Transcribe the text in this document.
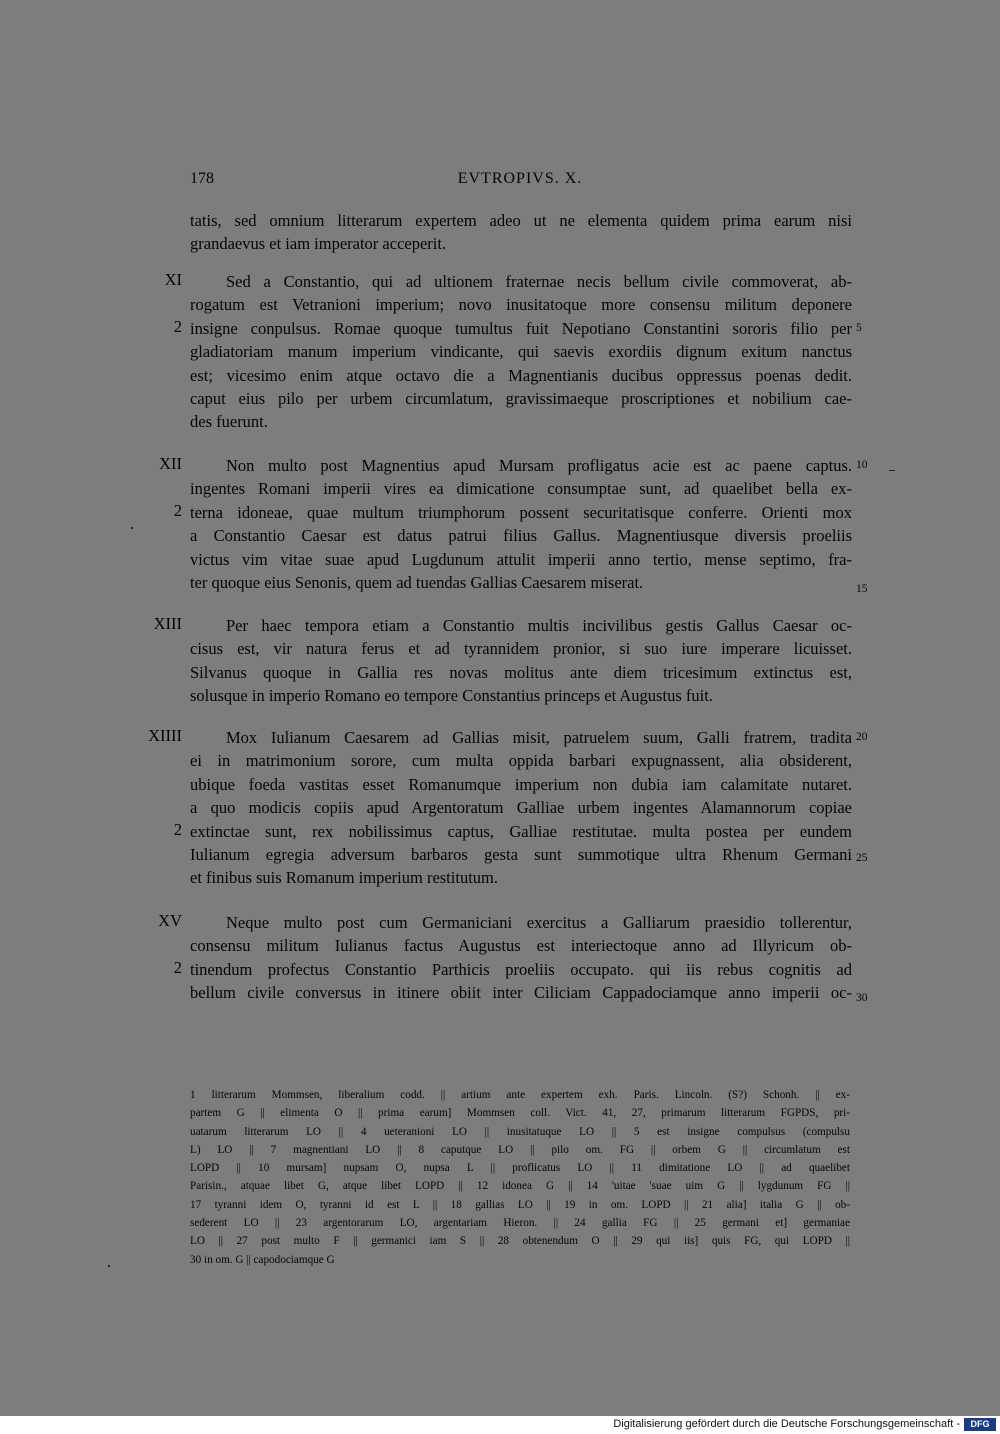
178	EVTROPIVS. X.
tatis, sed omnium litterarum expertem adeo ut ne elementa quidem prima earum nisi
grandaevus et iam imperator acceperit.
XI	Sed a Constantio, qui ad ultionem fraternae necis bellum civile commoverat, ab-
rogatum est Vetranioni imperium; novo inusitatoque more consensu militum deponere
insigne conpulsus. Romae quoque tumultus fuit Nepotiano Constantini sororis filio per
gladiatoriam manum imperium vindicante, qui saevis exordiis dignum exitum nanctus
est; vicesimo enim atque octavo die a Magnentianis ducibus oppressus poenas dedit.
caput eius pilo per urbem circumlatum, gravissimaeque proscriptiones et nobilium cae-
des fuerunt.
2	5
XII	Non multo post Magnentius apud Mursam profligatus acie est ac paene captus.
ingentes Romani imperii vires ea dimicatione consumptae sunt, ad quaelibet bella ex-
terna idoneae, quae multum triumphorum possent securitatisque conferre. Orienti mox
a Constantio Caesar est datus patrui filius Gallus. Magnentiusque diversis proeliis
victus vim vitae suae apud Lugdunum attulit imperii anno tertio, mense septimo, fra-
ter quoque eius Senonis, quem ad tuendas Gallias Caesarem miserat.
10
2
15
XIII	Per haec tempora etiam a Constantio multis incivilibus gestis Gallus Caesar oc-
cisus est, vir natura ferus et ad tyrannidem pronior, si suo iure imperare licuisset.
Silvanus quoque in Gallia res novas molitus ante diem tricesimum extinctus est,
solusque in imperio Romano eo tempore Constantius princeps et Augustus fuit.
XIIII	Mox Iulianum Caesarem ad Gallias misit, patruelem suum, Galli fratrem, tradita
ei in matrimonium sorore, cum multa oppida barbari expugnassent, alia obsiderent,
ubique foeda vastitas esset Romanumque imperium non dubia iam calamitate nutaret.
a quo modicis copiis apud Argentoratum Galliae urbem ingentes Alamannorum copiae
extinctae sunt, rex nobilissimus captus, Galliae restitutae. multa postea per eundem
Iulianum egregia adversum barbaros gesta sunt summotique ultra Rhenum Germani
et finibus suis Romanum imperium restitutum.
20
2
25
XV	Neque multo post cum Germaniciani exercitus a Galliarum praesidio tollerentur,
consensu militum Iulianus factus Augustus est interiectoque anno ad Illyricum ob-
tinendum profectus Constantio Parthicis proeliis occupato. qui iis rebus cognitis ad
bellum civile conversus in itinere obiit inter Ciliciam Cappadociamque anno imperii oc-
2
30
1 litterarum Mommsen, liberalium codd. || artium ante expertem exh. Paris. Lincoln. (S?) Schonh. || ex-
partem G || elimenta O || prima earum] Mommsen coll. Vict. 41, 27, primarum litterarum FGPDS, pri-
uatarum litterarum LO || 4 ueteranioni LO || inusitatuque LO || 5 est insigne compulsus (compulsu
L) LO || 7 magnentiani LO || 8 caputque LO || pilo om. FG || orbem G || circumlatum est
LOPD || 10 mursam] nupsam O, nupsa L || proflicatus LO || 11 dimitatione LO || ad quaelibet
Parisin., atquae libet G, atque libet LOPD || 12 idonea G || 14 'uitae 'suae uim G || lygdunum FG ||
17 tyranni idem O, tyranni id est L || 18 gallias LO || 19 in om. LOPD || 21 alia] italia G || ob-
sederent LO || 23 argentorarum LO, argentariam Hieron. || 24 gallia FG || 25 germani et] germaniae
LO || 27 post multo F || germanici iam S || 28 obtenendum O || 29 qui iis] quis FG, qui LOPD ||
30 in om. G || capodociamque G
Digitalisierung gefördert durch die Deutsche Forschungsgemeinschaft -	DFG
